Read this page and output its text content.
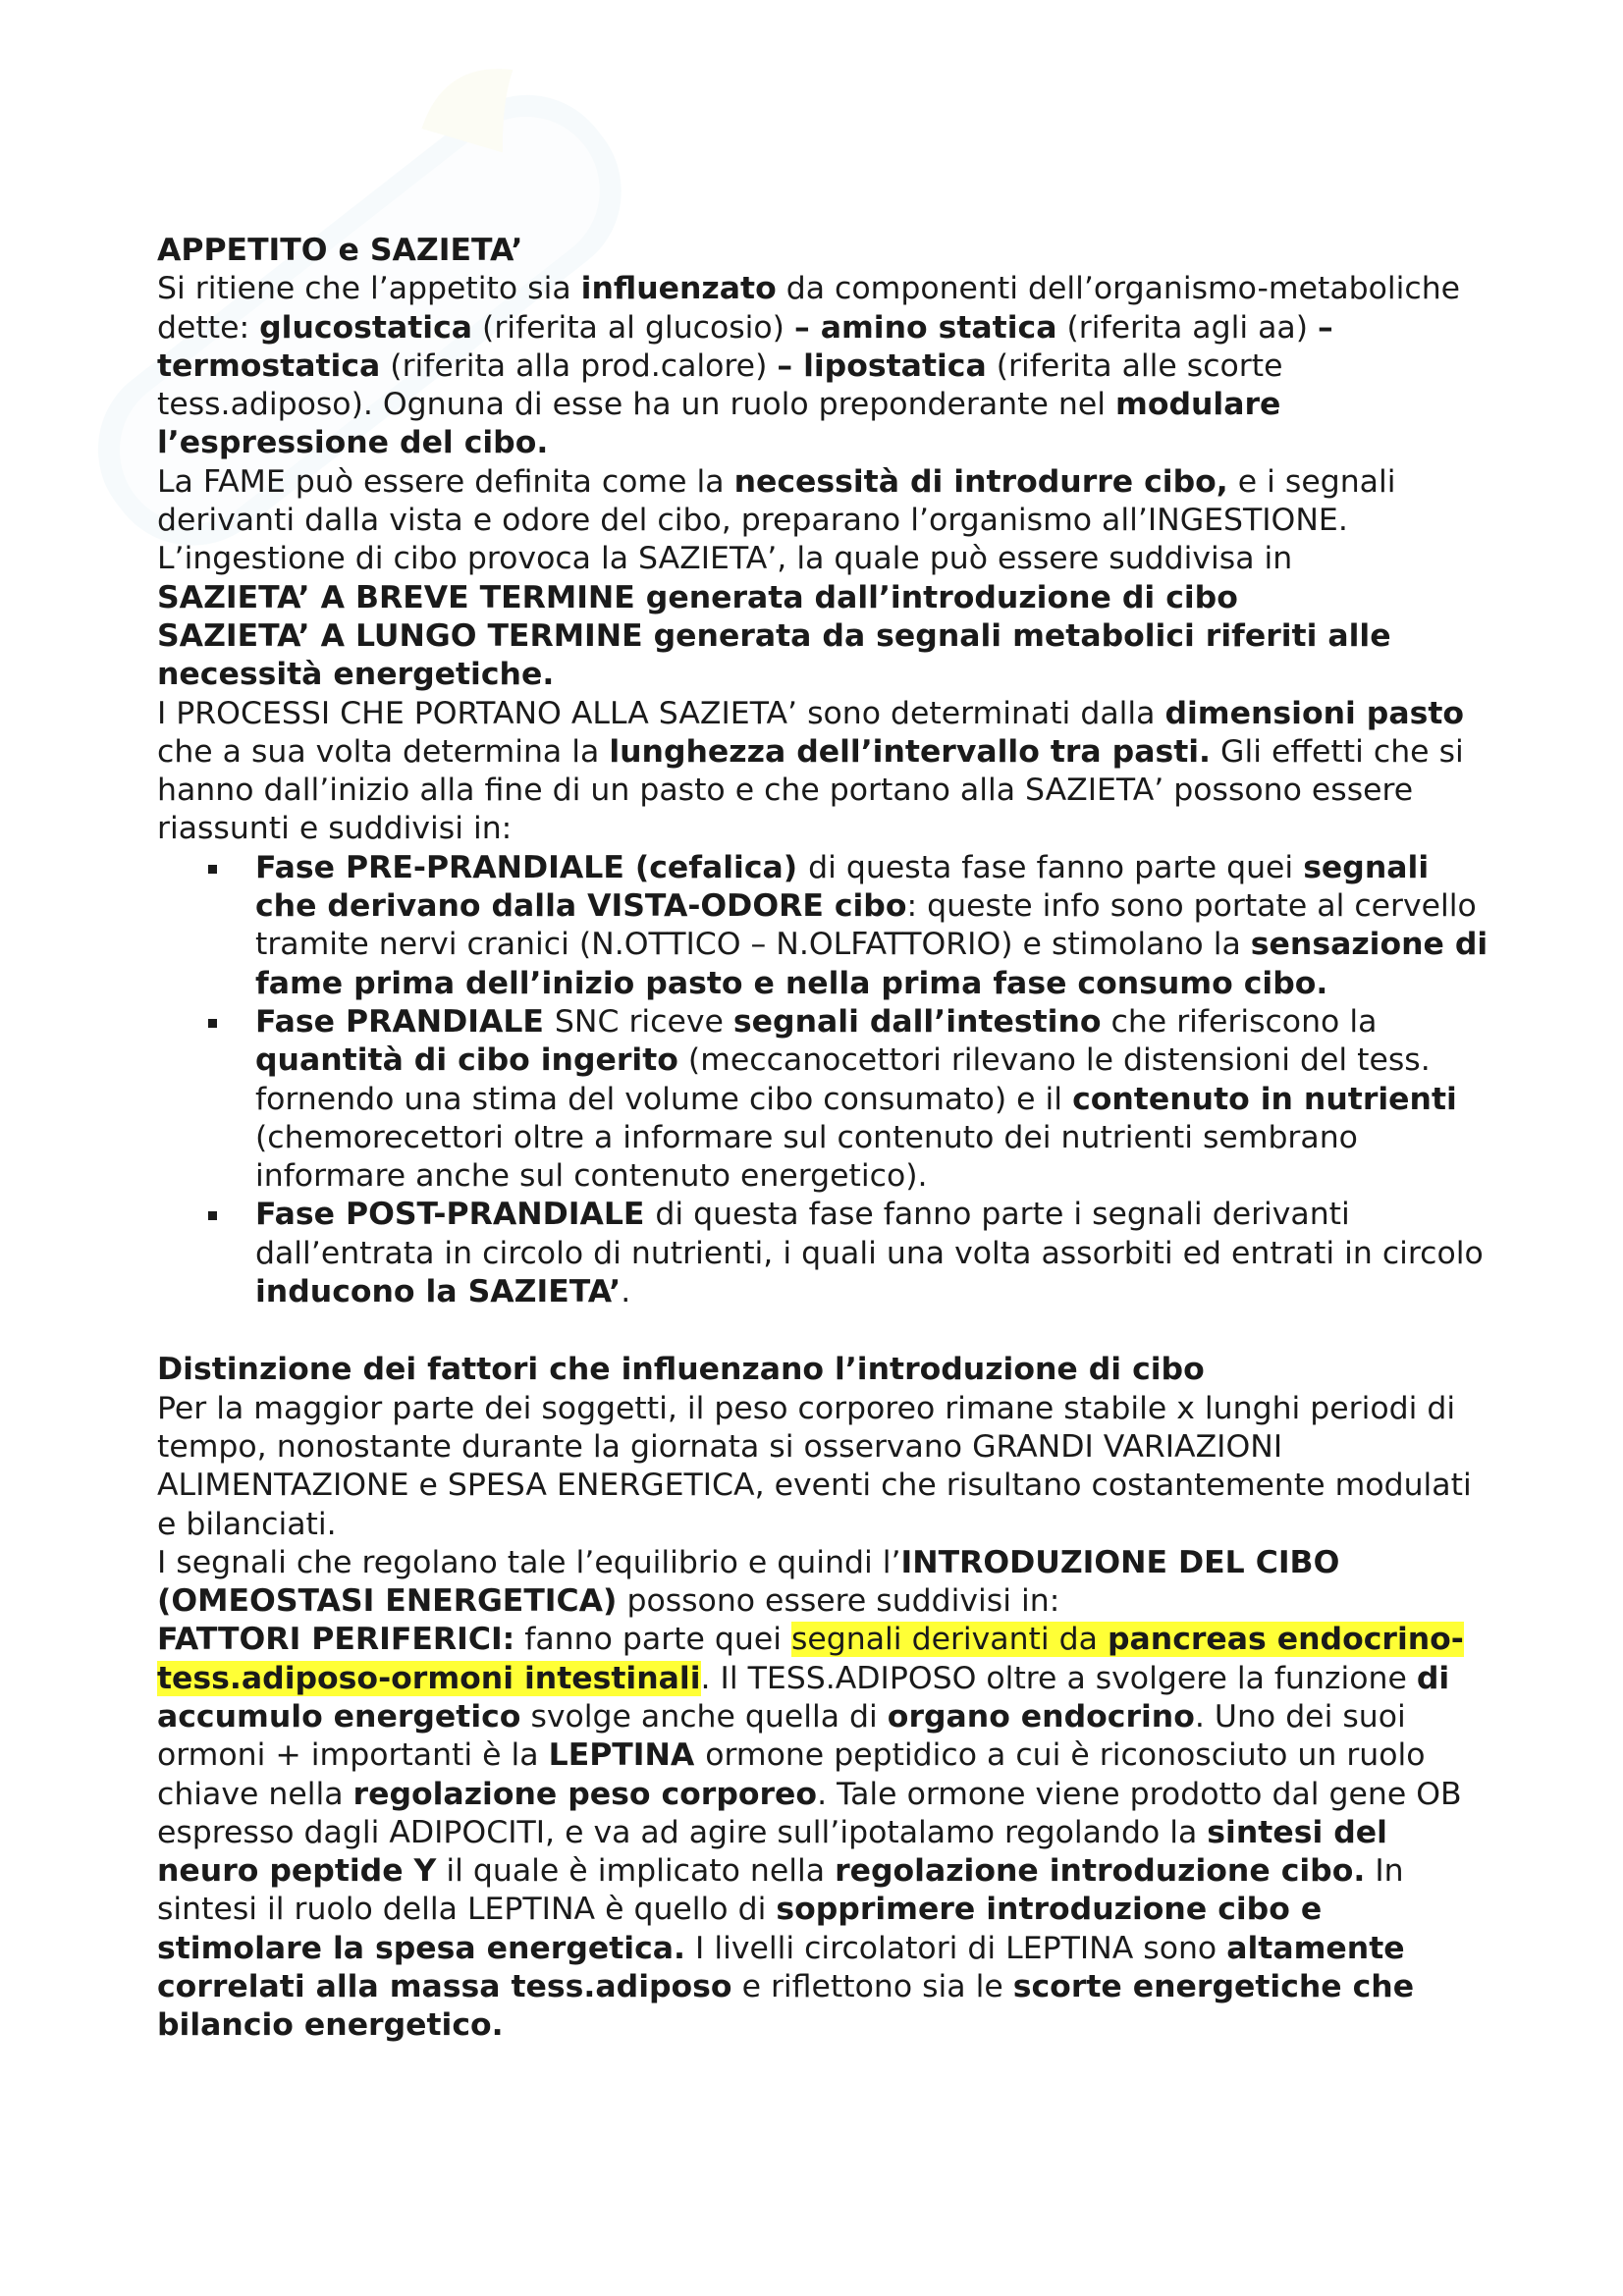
APPETITO e SAZIETA’

Si ritiene che l’appetito sia influenzato da componenti dell’organismo-metaboliche dette: glucostatica (riferita al glucosio) – amino statica (riferita agli aa) – termostatica (riferita alla prod.calore) – lipostatica (riferita alle scorte tess.adiposo). Ognuna di esse ha un ruolo preponderante nel modulare l’espressione del cibo.

La FAME può essere definita come la necessità di introdurre cibo, e i segnali derivanti dalla vista e odore del cibo, preparano l’organismo all’INGESTIONE.

L’ingestione di cibo provoca la SAZIETA’, la quale può essere suddivisa in

SAZIETA’ A BREVE TERMINE generata dall’introduzione di cibo

SAZIETA’ A LUNGO TERMINE generata da segnali metabolici riferiti alle necessità energetiche.

I PROCESSI CHE PORTANO ALLA SAZIETA’ sono determinati dalla dimensioni pasto che a sua volta determina la lunghezza dell’intervallo tra pasti. Gli effetti che si hanno dall’inizio alla fine di un pasto e che portano alla SAZIETA’ possono essere riassunti e suddivisi in:

Fase PRE-PRANDIALE (cefalica) di questa fase fanno parte quei segnali che derivano dalla VISTA-ODORE cibo: queste info sono portate al cervello tramite nervi cranici (N.OTTICO – N.OLFATTORIO) e stimolano la sensazione di fame prima dell’inizio pasto e nella prima fase consumo cibo.
Fase PRANDIALE SNC riceve segnali dall’intestino che riferiscono la quantità di cibo ingerito (meccanocettori rilevano le distensioni del tess. fornendo una stima del volume cibo consumato) e il contenuto in nutrienti (chemorecettori oltre a informare sul contenuto dei nutrienti sembrano informare anche sul contenuto energetico).
Fase POST-PRANDIALE di questa fase fanno parte i segnali derivanti dall’entrata in circolo di nutrienti, i quali una volta assorbiti ed entrati in circolo inducono la SAZIETA’.

Distinzione dei fattori che influenzano l’introduzione di cibo

Per la maggior parte dei soggetti, il peso corporeo rimane stabile x lunghi periodi di tempo, nonostante durante la giornata si osservano GRANDI VARIAZIONI ALIMENTAZIONE e SPESA ENERGETICA, eventi che risultano costantemente modulati e bilanciati.

I segnali che regolano tale l’equilibrio e quindi l’INTRODUZIONE DEL CIBO (OMEOSTASI ENERGETICA) possono essere suddivisi in:

FATTORI PERIFERICI: fanno parte quei segnali derivanti da pancreas endocrino-tess.adiposo-ormoni intestinali. Il TESS.ADIPOSO oltre a svolgere la funzione di accumulo energetico svolge anche quella di organo endocrino. Uno dei suoi ormoni + importanti è la LEPTINA ormone peptidico a cui è riconosciuto un ruolo chiave nella regolazione peso corporeo. Tale ormone viene prodotto dal gene OB espresso dagli ADIPOCITI, e va ad agire sull’ipotalamo regolando la sintesi del neuro peptide Y il quale è implicato nella regolazione introduzione cibo. In sintesi il ruolo della LEPTINA è quello di sopprimere introduzione cibo e stimolare la spesa energetica. I livelli circolatori di LEPTINA sono altamente correlati alla massa tess.adiposo e riflettono sia le scorte energetiche che bilancio energetico.
